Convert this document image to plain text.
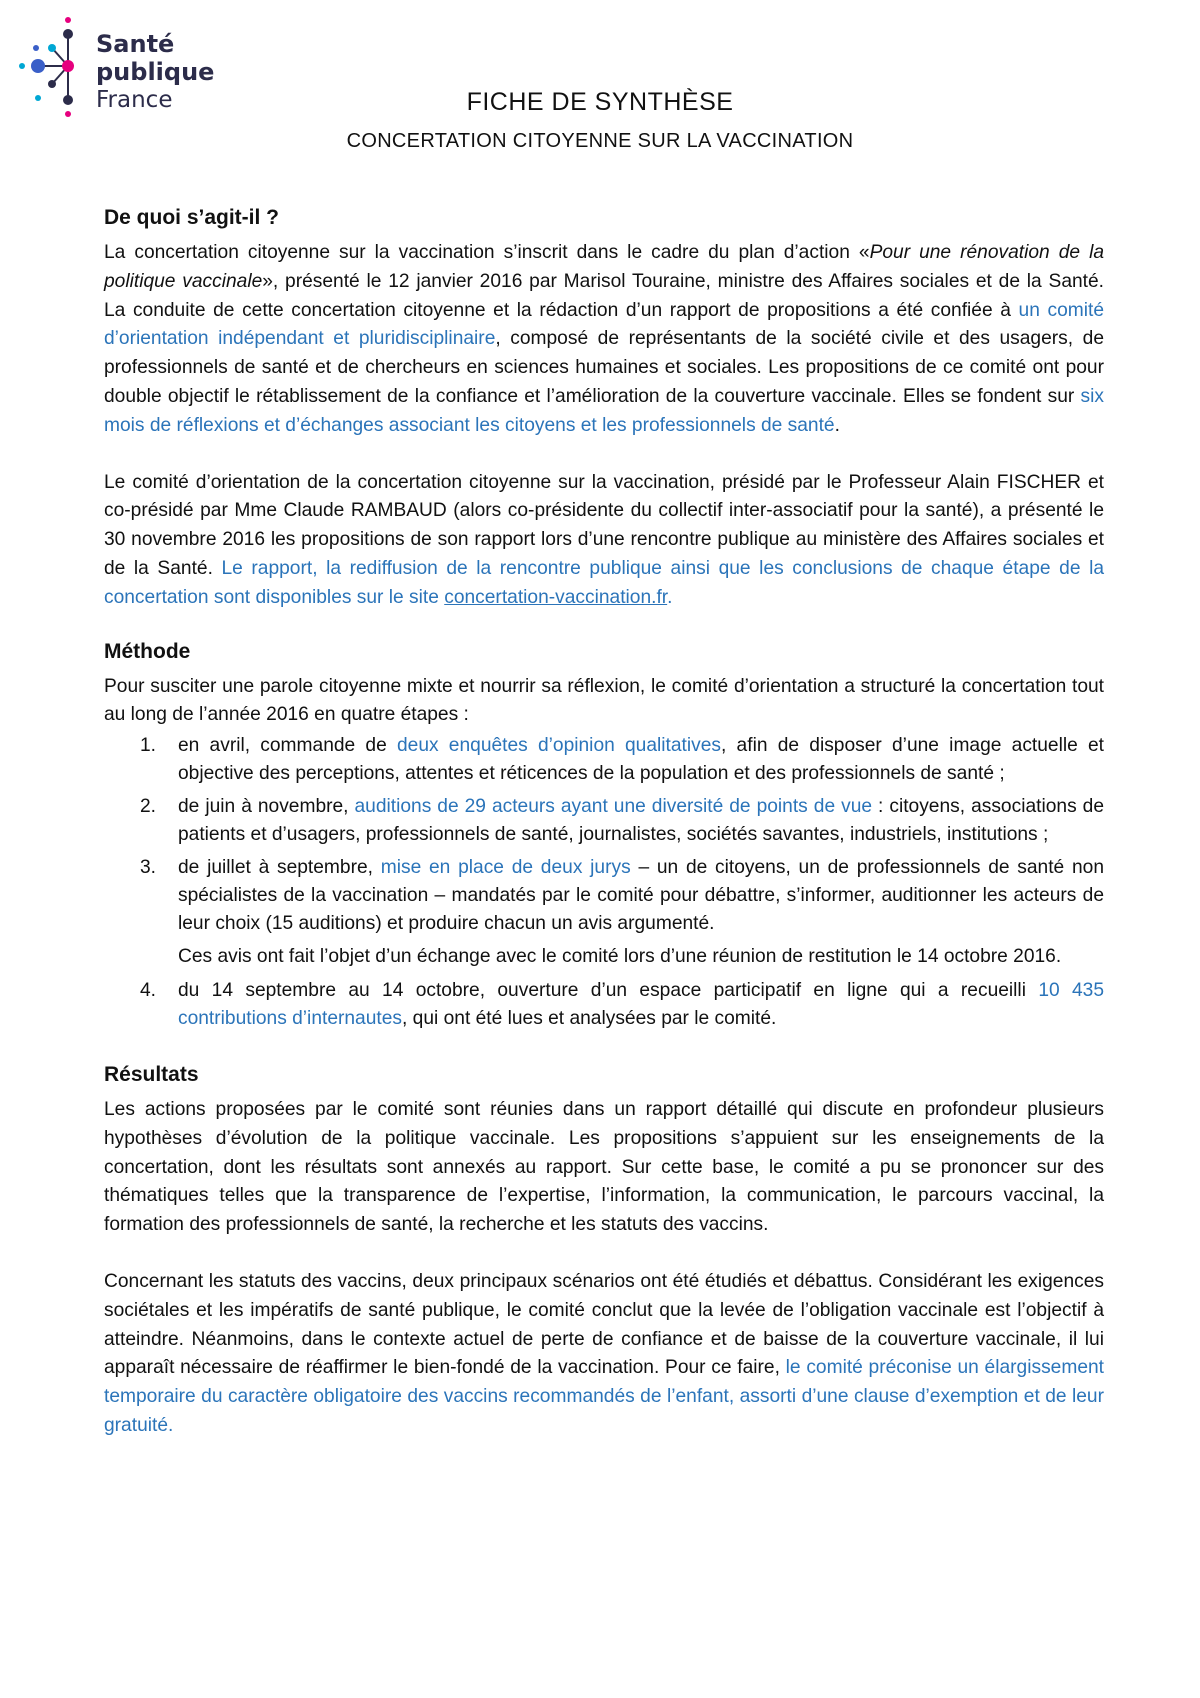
Santé
publique
France	FICHE DE SYNTHÈSE
CONCERTATION CITOYENNE SUR LA VACCINATION
De quoi s’agit-il ?

La concertation citoyenne sur la vaccination s’inscrit dans le cadre du plan d’action «Pour une rénovation de la politique vaccinale», présenté le 12 janvier 2016 par Marisol Touraine, ministre des Affaires sociales et de la Santé. La conduite de cette concertation citoyenne et la rédaction d’un rapport de propositions a été confiée à un comité d’orientation indépendant et pluridisciplinaire, composé de représentants de la société civile et des usagers, de professionnels de santé et de chercheurs en sciences humaines et sociales. Les propositions de ce comité ont pour double objectif le rétablissement de la confiance et l’amélioration de la couverture vaccinale. Elles se fondent sur six mois de réflexions et d’échanges associant les citoyens et les professionnels de santé.

Le comité d’orientation de la concertation citoyenne sur la vaccination, présidé par le Professeur Alain FISCHER et co-présidé par Mme Claude RAMBAUD (alors co-présidente du collectif inter-associatif pour la santé), a présenté le 30 novembre 2016 les propositions de son rapport lors d’une rencontre publique au ministère des Affaires sociales et de la Santé. Le rapport, la rediffusion de la rencontre publique ainsi que les conclusions de chaque étape de la concertation sont disponibles sur le site concertation-vaccination.fr.

Méthode

Pour susciter une parole citoyenne mixte et nourrir sa réflexion, le comité d’orientation a structuré la concertation tout au long de l’année 2016 en quatre étapes :

1. en avril, commande de deux enquêtes d’opinion qualitatives, afin de disposer d’une image actuelle et objective des perceptions, attentes et réticences de la population et des professionnels de santé ;
2. de juin à novembre, auditions de 29 acteurs ayant une diversité de points de vue : citoyens, associations de patients et d’usagers, professionnels de santé, journalistes, sociétés savantes, industriels, institutions ;
3. de juillet à septembre, mise en place de deux jurys – un de citoyens, un de professionnels de santé non spécialistes de la vaccination – mandatés par le comité pour débattre, s’informer, auditionner les acteurs de leur choix (15 auditions) et produire chacun un avis argumenté.

Ces avis ont fait l’objet d’un échange avec le comité lors d’une réunion de restitution le 14 octobre 2016.

4. du 14 septembre au 14 octobre, ouverture d’un espace participatif en ligne qui a recueilli 10 435 contributions d’internautes, qui ont été lues et analysées par le comité.
Résultats

Les actions proposées par le comité sont réunies dans un rapport détaillé qui discute en profondeur plusieurs hypothèses d’évolution de la politique vaccinale. Les propositions s’appuient sur les enseignements de la concertation, dont les résultats sont annexés au rapport. Sur cette base, le comité a pu se prononcer sur des thématiques telles que la transparence de l’expertise, l’information, la communication, le parcours vaccinal, la formation des professionnels de santé, la recherche et les statuts des vaccins.

Concernant les statuts des vaccins, deux principaux scénarios ont été étudiés et débattus. Considérant les exigences sociétales et les impératifs de santé publique, le comité conclut que la levée de l’obligation vaccinale est l’objectif à atteindre. Néanmoins, dans le contexte actuel de perte de confiance et de baisse de la couverture vaccinale, il lui apparaît nécessaire de réaffirmer le bien-fondé de la vaccination. Pour ce faire, le comité préconise un élargissement temporaire du caractère obligatoire des vaccins recommandés de l’enfant, assorti d’une clause d’exemption et de leur gratuité.
